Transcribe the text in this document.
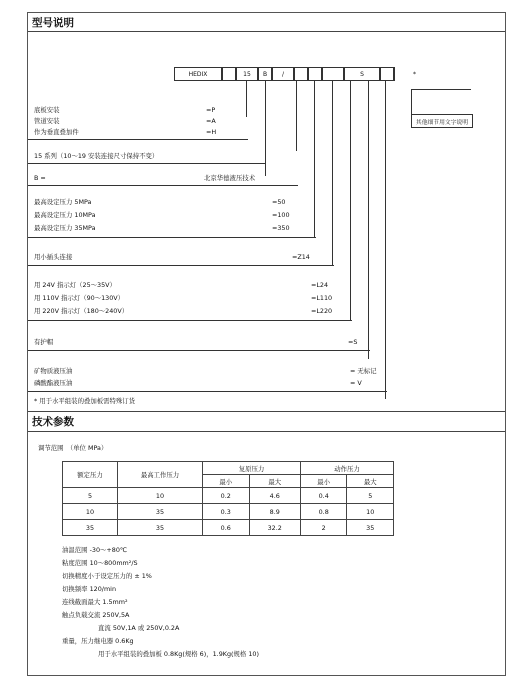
型号说明
HEDIX	15	B	/	S	*
其他细节用文字说明
底板安装	=P
管道安装	=A
作为垂直叠加件	=H
15 系列（10～19 安装连接尺寸保持不变）
B =	北京华德液压技术
最高设定压力 5MPa	=50
最高设定压力 10MPa	=100
最高设定压力 35MPa	=350
用小插头连接	=Z14
用 24V 指示灯（25～35V）	=L24
用 110V 指示灯（90～130V）	=L110
用 220V 指示灯（180～240V）	=L220
有护帽	=S
矿物质液压油	= 无标记
磷酸酯液压油	= V
* 用于水平组装的叠加板需特殊订货
技术参数
调节范围　（单位 MPa）
额定压力	最高工作压力	复原压力		动作压力	
		最小	最大	最小	最大
5	10	0.2	4.6	0.4	5
10	35	0.3	8.9	0.8	10
35	35	0.6	32.2	2	35
油温范围 -30～+80℃
粘度范围 10～800mm²/S
切换精度小于设定压力的 ± 1%
切换频率 120/min
连线截面最大 1.5mm²
触点负载交流 250V,5A
直流 50V,1A 或 250V,0.2A
重量，压力继电器 0.6Kg
用于水平组装的叠加板 0.8Kg(规格 6)，1.9Kg(规格 10)
